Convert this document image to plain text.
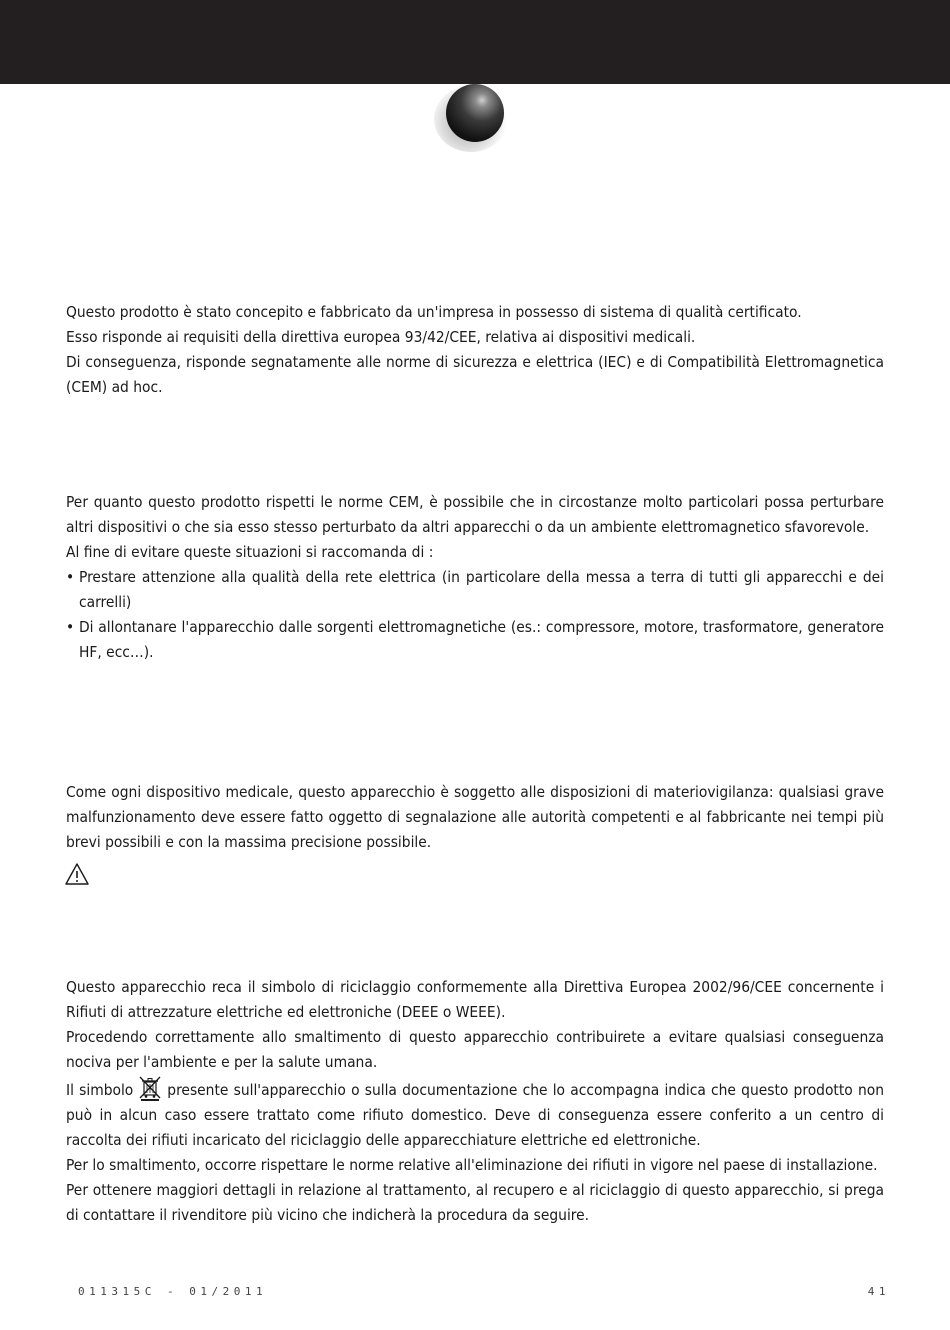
Questo prodotto è stato concepito e fabbricato da un'impresa in possesso di sistema di qualità certificato.

Esso risponde ai requisiti della direttiva europea 93/42/CEE, relativa ai dispositivi medicali.

Di conseguenza, risponde segnatamente alle norme di sicurezza e elettrica (IEC) e di Compatibilità Elettromagnetica (CEM) ad hoc.

Per quanto questo prodotto rispetti le norme CEM, è possibile che in circostanze molto particolari possa perturbare altri dispositivi o che sia esso stesso perturbato da altri apparecchi o da un ambiente elettromagnetico sfavorevole.

Al fine di evitare queste situazioni si raccomanda di :

• Prestare attenzione alla qualità della rete elettrica (in particolare della messa a terra di tutti gli apparecchi e dei carrelli)
• Di allontanare l'apparecchio dalle sorgenti elettromagnetiche (es.: compressore, motore, trasformatore, generatore HF, ecc…).

Come ogni dispositivo medicale, questo apparecchio è soggetto alle disposizioni di materiovigilanza: qualsiasi grave malfunzionamento deve essere fatto oggetto di segnalazione alle autorità competenti e al fabbricante nei tempi più brevi possibili e con la massima precisione possibile.

Questo apparecchio reca il simbolo di riciclaggio conformemente alla Direttiva Europea 2002/96/CEE concernente i Rifiuti di attrezzature elettriche ed elettroniche (DEEE o WEEE).

Procedendo correttamente allo smaltimento di questo apparecchio contribuirete a evitare qualsiasi conseguenza nociva per l'ambiente e per la salute umana.

Il simbolo presente sull'apparecchio o sulla documentazione che lo accompagna indica che questo prodotto non può in alcun caso essere trattato come rifiuto domestico. Deve di conseguenza essere conferito a un centro di raccolta dei rifiuti incaricato del riciclaggio delle apparecchiature elettriche ed elettroniche.

Per lo smaltimento, occorre rispettare le norme relative all'eliminazione dei rifiuti in vigore nel paese di installazione.

Per ottenere maggiori dettagli in relazione al trattamento, al recupero e al riciclaggio di questo apparecchio, si prega di contattare il rivenditore più vicino che indicherà la procedura da seguire.

011315C - 01/2011	41
